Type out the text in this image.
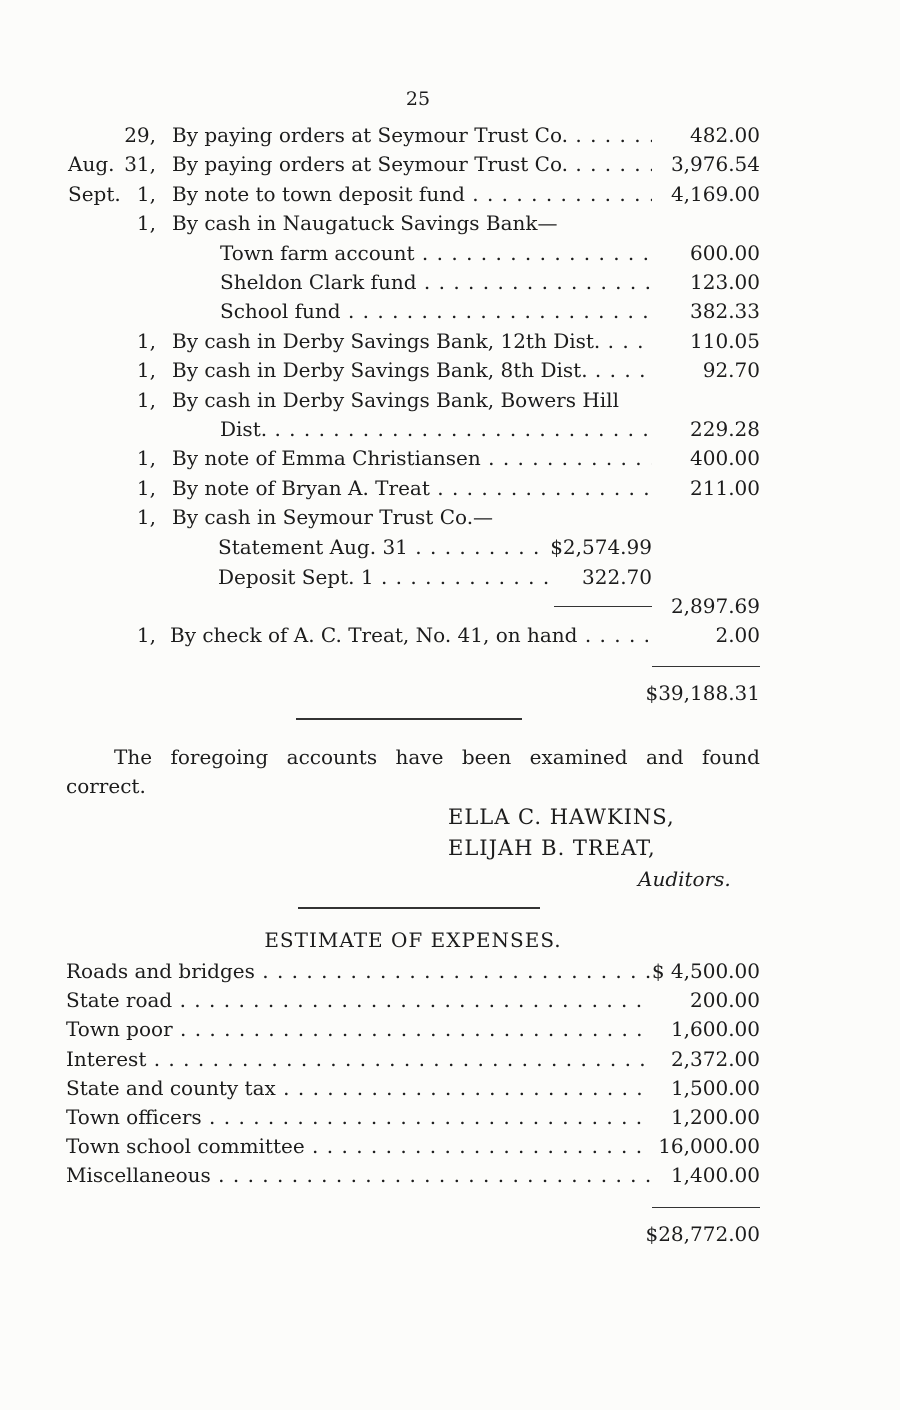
25
29, By paying orders at Seymour Trust Co. . . .	482.00
Aug. 31, By paying orders at Seymour Trust Co. . . .	3,976.54
Sept. 1, By note to town deposit fund . . .	4,169.00
1, By cash in Naugatuck Savings Bank—
Town farm account . . .	600.00
Sheldon Clark fund . . .	123.00
School fund . . .	382.33
1, By cash in Derby Savings Bank, 12th Dist. . . .	110.05
1, By cash in Derby Savings Bank, 8th Dist. . . .	92.70
1, By cash in Derby Savings Bank, Bowers Hill
Dist. . . .	229.28
1, By note of Emma Christiansen . . .	400.00
1, By note of Bryan A. Treat . . .	211.00
1, By cash in Seymour Trust Co.—
Statement Aug. 31 . . .	$2,574.99
Deposit Sept. 1 . . .	322.70
2,897.69
1, By check of A. C. Treat, No. 41, on hand . . .	2.00
$39,188.31
The foregoing accounts have been examined and found correct.
ELLA C. HAWKINS,
ELIJAH B. TREAT,
Auditors.
ESTIMATE OF EXPENSES.
Roads and bridges . . .	$ 4,500.00
State road . . .	200.00
Town poor . . .	1,600.00
Interest . . .	2,372.00
State and county tax . . .	1,500.00
Town officers . . .	1,200.00
Town school committee . . .	16,000.00
Miscellaneous . . .	1,400.00
$28,772.00
